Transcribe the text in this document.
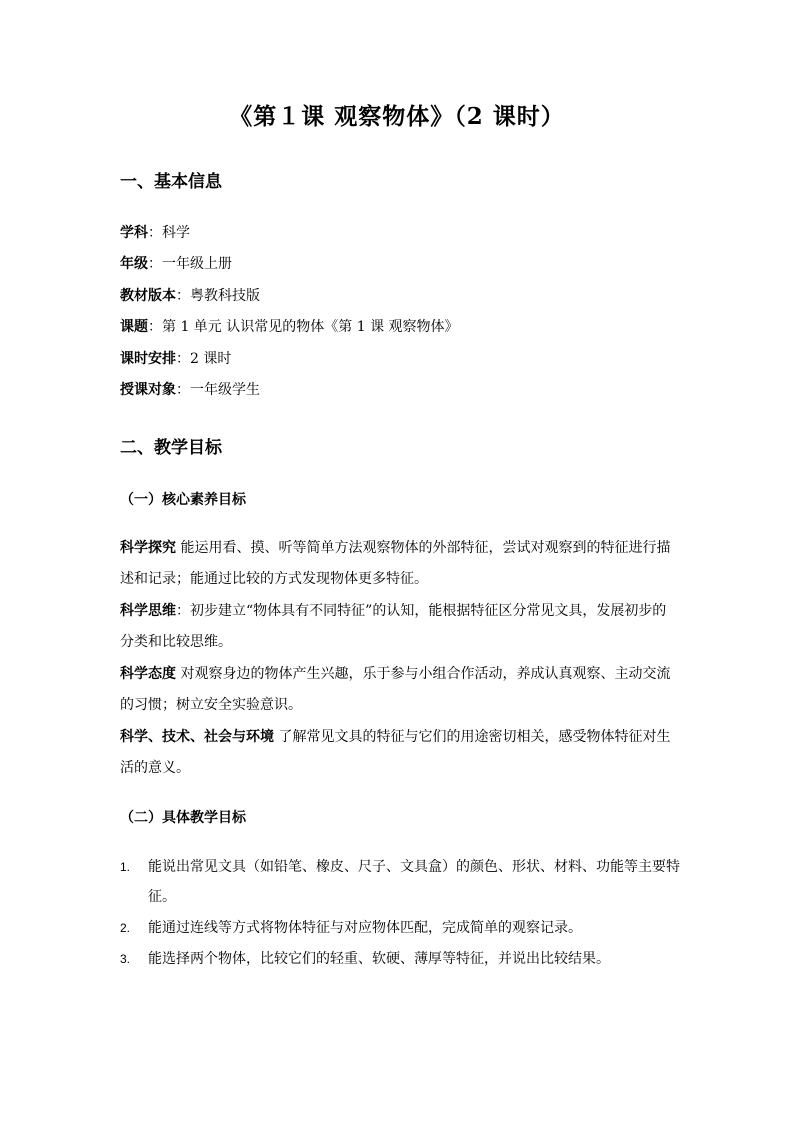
《第１课 观察物体》（2 课时）
一、基本信息
学科：科学
年级：一年级上册
教材版本：粤教科技版
课题：第 1 单元 认识常见的物体《第 1 课 观察物体》
课时安排：2 课时
授课对象：一年级学生
二、教学目标
（一）核心素养目标
科学探究 能运用看、摸、听等简单方法观察物体的外部特征，尝试对观察到的特征进行描述和记录；能通过比较的方式发现物体更多特征。
科学思维：初步建立“物体具有不同特征”的认知，能根据特征区分常见文具，发展初步的分类和比较思维。
科学态度 对观察身边的物体产生兴趣，乐于参与小组合作活动，养成认真观察、主动交流的习惯；树立安全实验意识。
科学、技术、社会与环境 了解常见文具的特征与它们的用途密切相关，感受物体特征对生活的意义。
（二）具体教学目标
1. 能说出常见文具（如铅笔、橡皮、尺子、文具盒）的颜色、形状、材料、功能等主要特征。
2. 能通过连线等方式将物体特征与对应物体匹配，完成简单的观察记录。
3. 能选择两个物体，比较它们的轻重、软硬、薄厚等特征，并说出比较结果。
